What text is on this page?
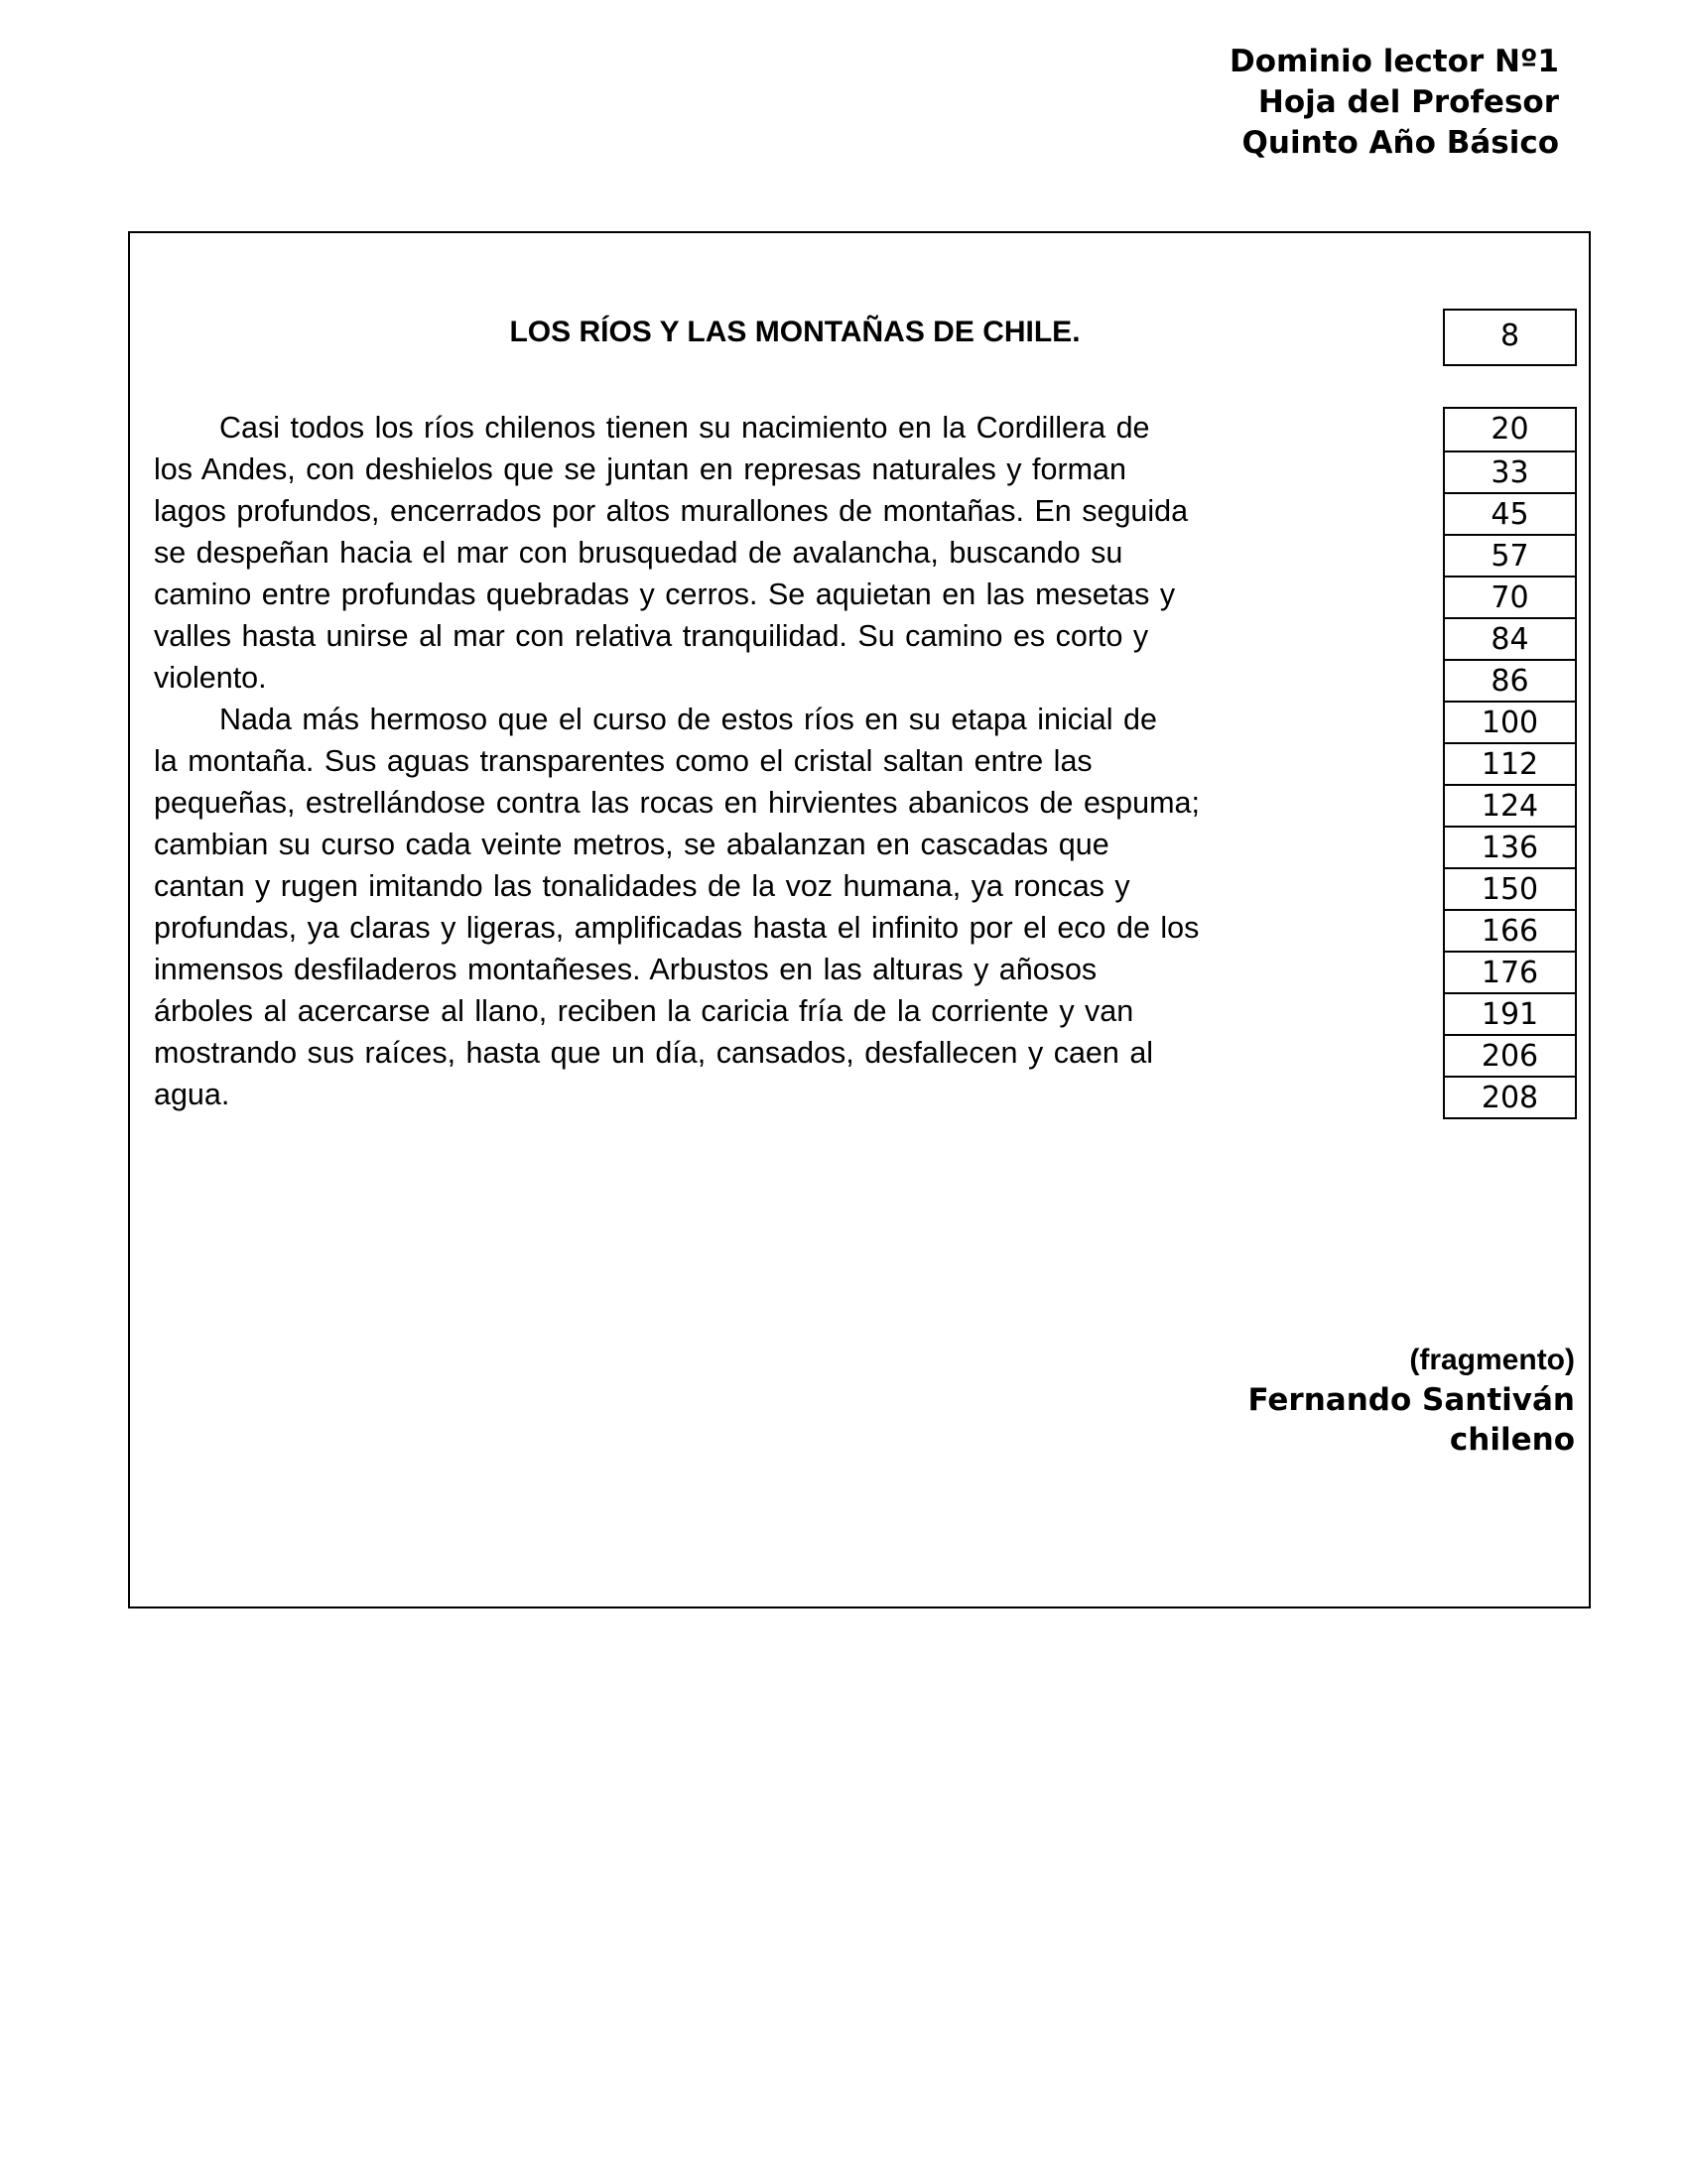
Dominio lector Nº1
Hoja del Profesor
Quinto Año Básico
LOS RÍOS Y LAS MONTAÑAS DE CHILE.	8
Casi todos los ríos chilenos tienen su nacimiento en la Cordillera de
los Andes, con deshielos que se juntan en represas naturales y forman
lagos profundos, encerrados por altos murallones de montañas. En seguida
se despeñan hacia el mar con brusquedad de avalancha, buscando su
camino entre profundas quebradas y cerros. Se aquietan en las mesetas y
valles hasta unirse al mar con relativa tranquilidad. Su camino es corto y
violento.
Nada más hermoso que el curso de estos ríos en su etapa inicial de
la montaña. Sus aguas transparentes como el cristal saltan entre las
pequeñas, estrellándose contra las rocas en hirvientes abanicos de espuma;
cambian su curso cada veinte metros, se abalanzan en cascadas que
cantan y rugen imitando las tonalidades de la voz humana, ya roncas y
profundas, ya claras y ligeras, amplificadas hasta el infinito por el eco de los
inmensos desfiladeros montañeses. Arbustos en las alturas y añosos
árboles al acercarse al llano, reciben la caricia fría de la corriente y van
mostrando sus raíces, hasta que un día, cansados, desfallecen y caen al
agua.
20
33
45
57
70
84
86
100
112
124
136
150
166
176
191
206
208
(fragmento)
Fernando Santiván
chileno
